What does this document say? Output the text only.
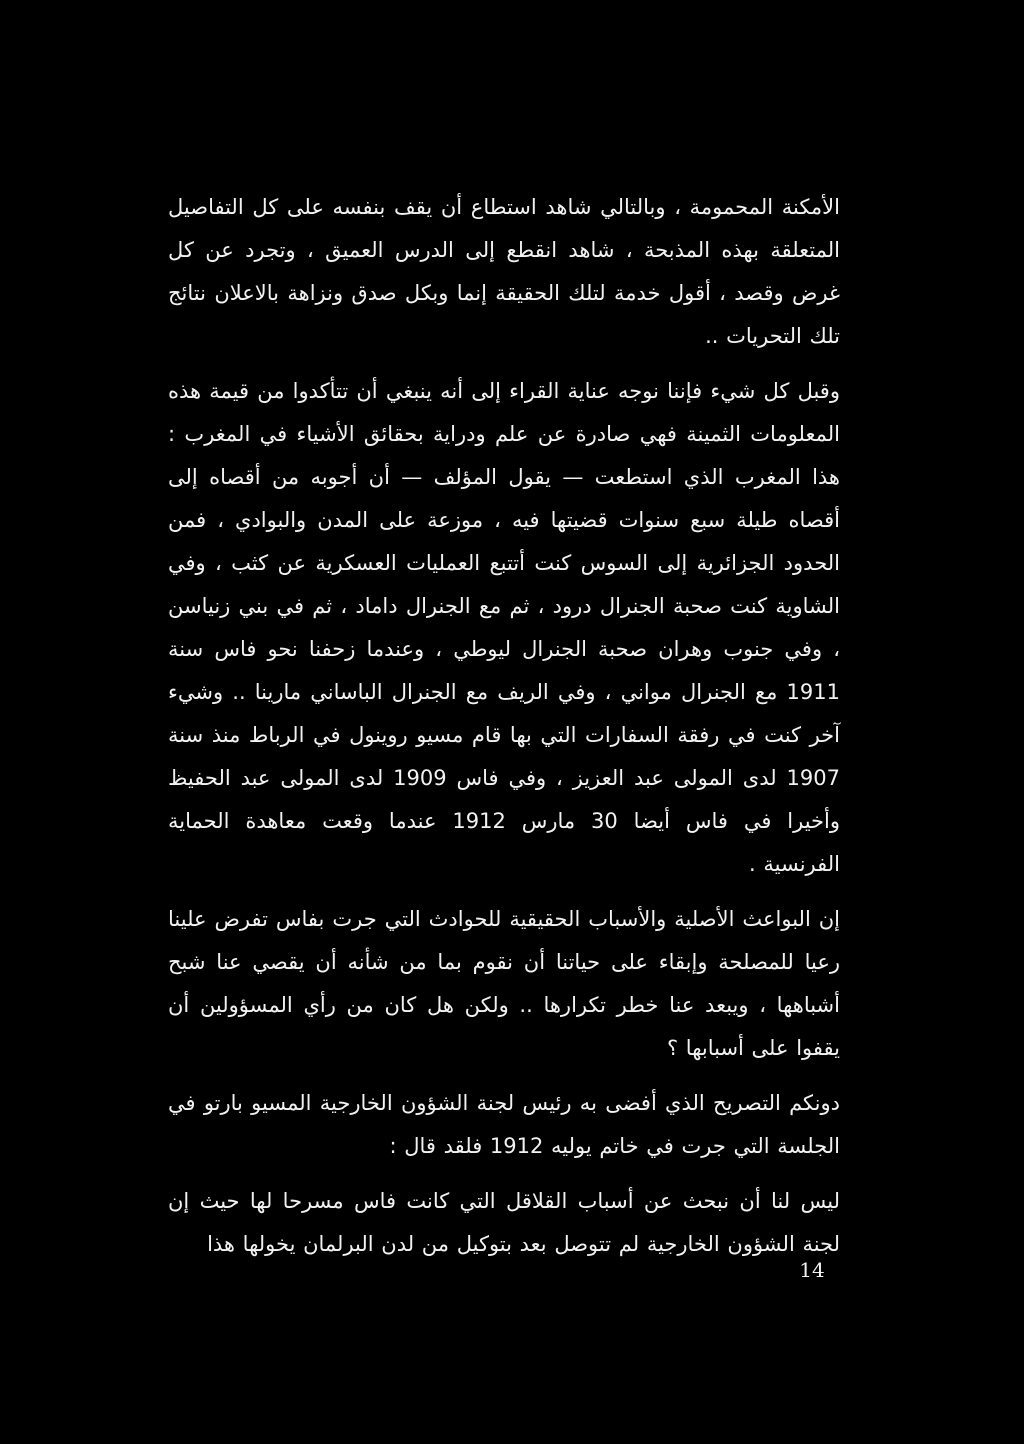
الأمكنة المحمومة ، وبالتالي شاهد استطاع أن يقف بنفسه على كل التفاصيل المتعلقة بهذه المذبحة ، شاهد انقطع إلى الدرس العميق ، وتجرد عن كل غرض وقصد ، أقول خدمة لتلك الحقيقة إنما وبكل صدق ونزاهة بالاعلان نتائج تلك التحريات ..

وقبل كل شيء فإننا نوجه عناية القراء إلى أنه ينبغي أن تتأكدوا من قيمة هذه المعلومات الثمينة فهي صادرة عن علم ودراية بحقائق الأشياء في المغرب : هذا المغرب الذي استطعت — يقول المؤلف — أن أجوبه من أقصاه إلى أقصاه طيلة سبع سنوات قضيتها فيه ، موزعة على المدن والبوادي ، فمن الحدود الجزائرية إلى السوس كنت أتتبع العمليات العسكرية عن كثب ، وفي الشاوية كنت صحبة الجنرال درود ، ثم مع الجنرال داماد ، ثم في بني زنياسن ، وفي جنوب وهران صحبة الجنرال ليوطي ، وعندما زحفنا نحو فاس سنة 1911 مع الجنرال مواني ، وفي الريف مع الجنرال الباساني مارينا .. وشيء آخر كنت في رفقة السفارات التي بها قام مسيو روينول في الرباط منذ سنة 1907 لدى المولى عبد العزيز ، وفي فاس 1909 لدى المولى عبد الحفيظ وأخيرا في فاس أيضا 30 مارس 1912 عندما وقعت معاهدة الحماية الفرنسية .

إن البواعث الأصلية والأسباب الحقيقية للحوادث التي جرت بفاس تفرض علينا رعيا للمصلحة وإبقاء على حياتنا أن نقوم بما من شأنه أن يقصي عنا شبح أشباهها ، ويبعد عنا خطر تكرارها .. ولكن هل كان من رأي المسؤولين أن يقفوا على أسبابها ؟

دونكم التصريح الذي أفضى به رئيس لجنة الشؤون الخارجية المسيو بارتو في الجلسة التي جرت في خاتم يوليه 1912 فلقد قال :

ليس لنا أن نبحث عن أسباب القلاقل التي كانت فاس مسرحا لها حيث إن لجنة الشؤون الخارجية لم تتوصل بعد بتوكيل من لدن البرلمان يخولها هذا

14
